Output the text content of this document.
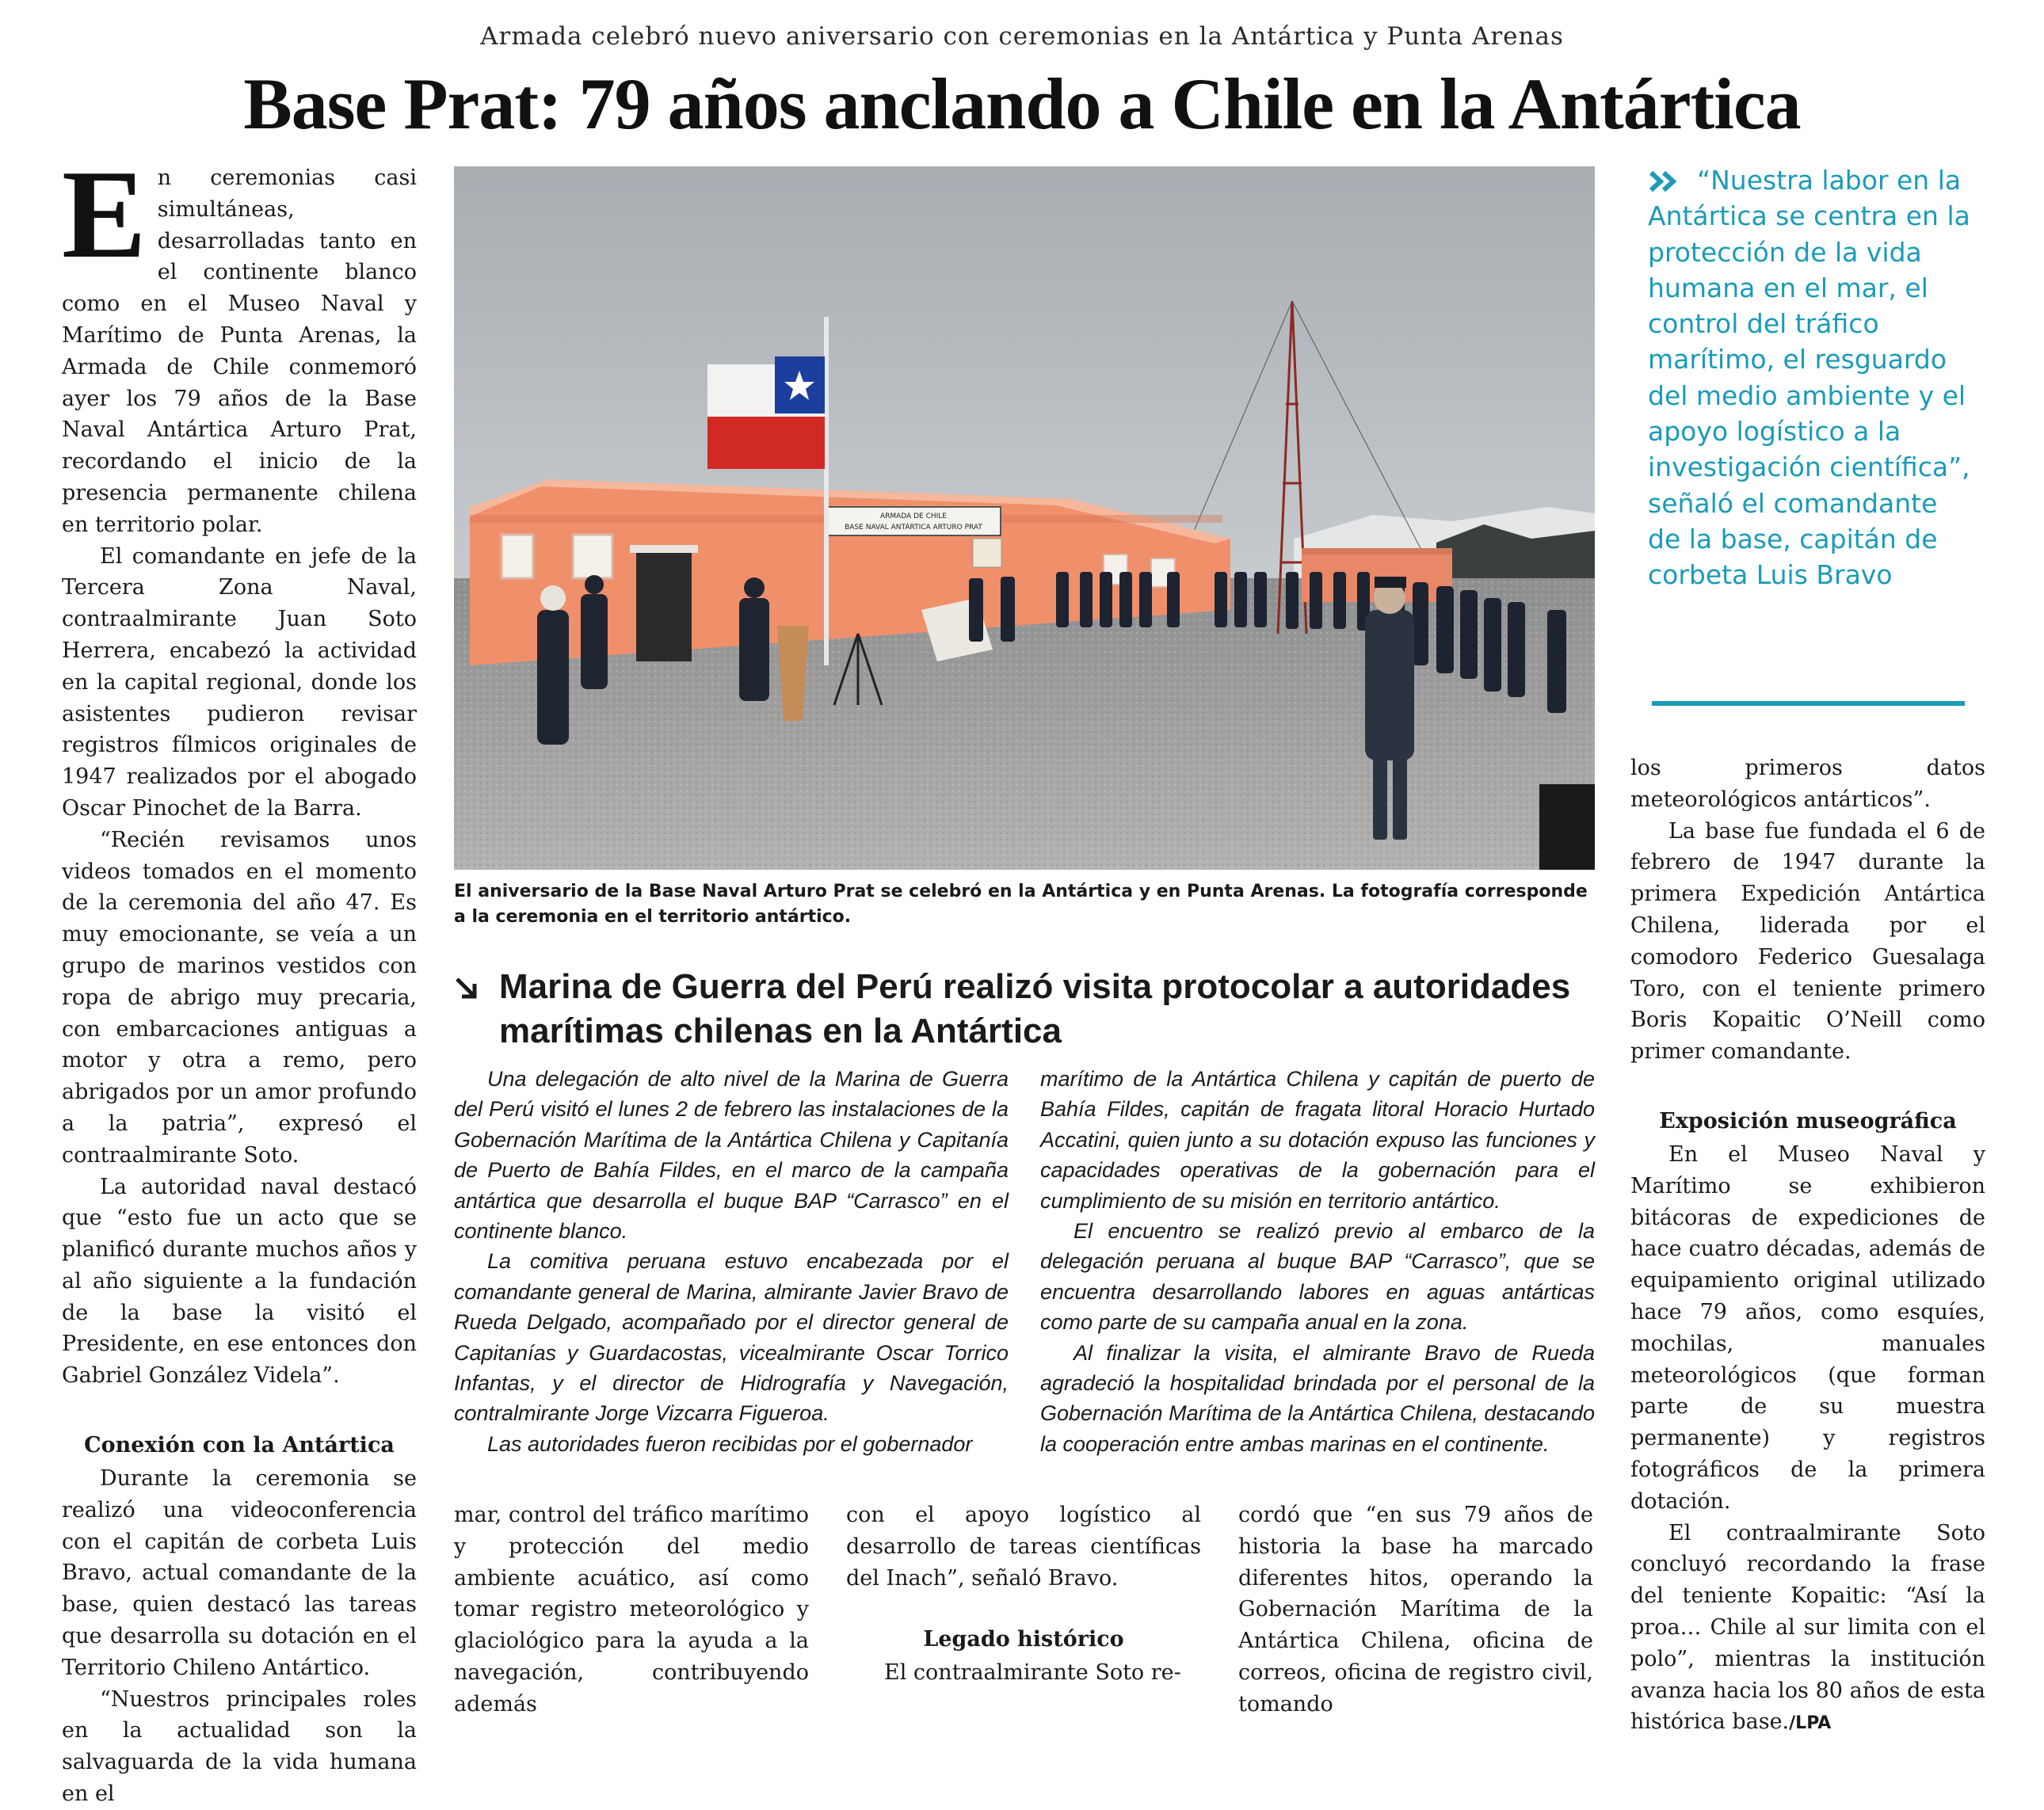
Armada celebró nuevo aniversario con ceremonias en la Antártica y Punta Arenas
Base Prat: 79 años anclando a Chile en la Antártica
E n ceremonias casi simultáneas, desarrolladas tanto en el continente blanco como en el Museo Naval y Marítimo de Punta Arenas, la Armada de Chile conmemoró ayer los 79 años de la Base Naval Antártica Arturo Prat, recordando el inicio de la presencia permanente chilena en territorio polar.

El comandante en jefe de la Tercera Zona Naval, contraalmirante Juan Soto Herrera, encabezó la actividad en la capital regional, donde los asistentes pudieron revisar registros fílmicos originales de 1947 realizados por el abogado Oscar Pinochet de la Barra.

“Recién revisamos unos videos tomados en el momento de la ceremonia del año 47. Es muy emocionante, se veía a un grupo de marinos vestidos con ropa de abrigo muy precaria, con embarcaciones antiguas a motor y otra a remo, pero abrigados por un amor profundo a la patria”, expresó el contraalmirante Soto.

La autoridad naval destacó que “esto fue un acto que se planificó durante muchos años y al año siguiente a la fundación de la base la visitó el Presidente, en ese entonces don Gabriel González Videla”.

Conexión con la Antártica

Durante la ceremonia se realizó una videoconferencia con el capitán de corbeta Luis Bravo, actual comandante de la base, quien destacó las tareas que desarrolla su dotación en el Territorio Chileno Antártico.

“Nuestros principales roles en la actualidad son la salvaguarda de la vida humana en el

ARMADA DE CHILE
BASE NAVAL ANTÁRTICA ARTURO PRAT
El aniversario de la Base Naval Arturo Prat se celebró en la Antártica y en Punta Arenas. La fotografía corresponde a la ceremonia en el territorio antártico.
“Nuestra labor en la Antártica se centra en la protección de la vida humana en el mar, el control del tráfico marítimo, el resguardo del medio ambiente y el apoyo logístico a la investigación científica”, señaló el comandante de la base, capitán de corbeta Luis Bravo
Marina de Guerra del Perú realizó visita protocolar a autoridades marítimas chilenas en la Antártica

Una delegación de alto nivel de la Marina de Guerra del Perú visitó el lunes 2 de febrero las instalaciones de la Gobernación Marítima de la Antártica Chilena y Capitanía de Puerto de Bahía Fildes, en el marco de la campaña antártica que desarrolla el buque BAP “Carrasco” en el continente blanco.

La comitiva peruana estuvo encabezada por el comandante general de Marina, almirante Javier Bravo de Rueda Delgado, acompañado por el director general de Capitanías y Guardacostas, vicealmirante Oscar Torrico Infantas, y el director de Hidrografía y Navegación, contralmirante Jorge Vizcarra Figueroa.

Las autoridades fueron recibidas por el gobernador

marítimo de la Antártica Chilena y capitán de puerto de Bahía Fildes, capitán de fragata litoral Horacio Hurtado Accatini, quien junto a su dotación expuso las funciones y capacidades operativas de la gobernación para el cumplimiento de su misión en territorio antártico.

El encuentro se realizó previo al embarco de la delegación peruana al buque BAP “Carrasco”, que se encuentra desarrollando labores en aguas antárticas como parte de su campaña anual en la zona.

Al finalizar la visita, el almirante Bravo de Rueda agradeció la hospitalidad brindada por el personal de la Gobernación Marítima de la Antártica Chilena, destacando la cooperación entre ambas marinas en el continente.

mar, control del tráfico marítimo y protección del medio ambiente acuático, así como tomar registro meteorológico y glaciológico para la ayuda a la navegación, contribuyendo además

con el apoyo logístico al desarrollo de tareas científicas del Inach”, señaló Bravo.

Legado histórico

El contraalmirante Soto re-

cordó que “en sus 79 años de historia la base ha marcado diferentes hitos, operando la Gobernación Marítima de la Antártica Chilena, oficina de correos, oficina de registro civil, tomando

los primeros datos meteorológicos antárticos”.

La base fue fundada el 6 de febrero de 1947 durante la primera Expedición Antártica Chilena, liderada por el comodoro Federico Guesalaga Toro, con el teniente primero Boris Kopaitic O’Neill como primer comandante.

Exposición museográfica

En el Museo Naval y Marítimo se exhibieron bitácoras de expediciones de hace cuatro décadas, además de equipamiento original utilizado hace 79 años, como esquíes, mochilas, manuales meteorológicos (que forman parte de su muestra permanente) y registros fotográficos de la primera dotación.

El contraalmirante Soto concluyó recordando la frase del teniente Kopaitic: “Así la proa… Chile al sur limita con el polo”, mientras la institución avanza hacia los 80 años de esta histórica base./LPA
